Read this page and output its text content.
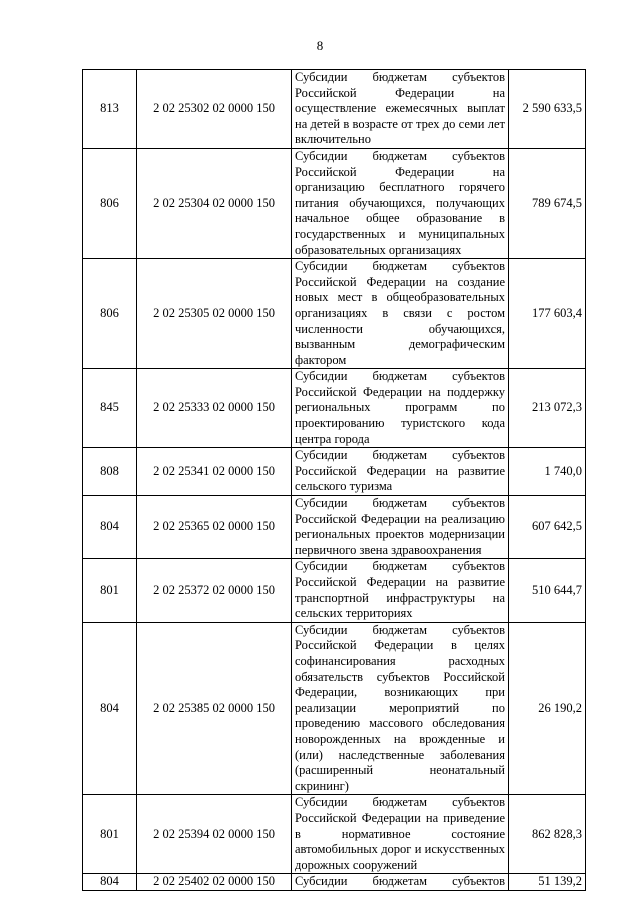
8
813	2 02 25302 02 0000 150	Субсидии бюджетам субъектов Российской Федерации на осуществление ежемесячных выплат на детей в возрасте от трех до семи лет включительно	2 590 633,5
806	2 02 25304 02 0000 150	Субсидии бюджетам субъектов Российской Федерации на организацию бесплатного горячего питания обучающихся, получающих начальное общее образование в государственных и муниципальных образовательных организациях	789 674,5
806	2 02 25305 02 0000 150	Субсидии бюджетам субъектов Российской Федерации на создание новых мест в общеобразовательных организациях в связи с ростом численности обучающихся, вызванным демографическим фактором	177 603,4
845	2 02 25333 02 0000 150	Субсидии бюджетам субъектов Российской Федерации на поддержку региональных программ по проектированию туристского кода центра города	213 072,3
808	2 02 25341 02 0000 150	Субсидии бюджетам субъектов Российской Федерации на развитие сельского туризма	1 740,0
804	2 02 25365 02 0000 150	Субсидии бюджетам субъектов Российской Федерации на реализацию региональных проектов модернизации первичного звена здравоохранения	607 642,5
801	2 02 25372 02 0000 150	Субсидии бюджетам субъектов Российской Федерации на развитие транспортной инфраструктуры на сельских территориях	510 644,7
804	2 02 25385 02 0000 150	Субсидии бюджетам субъектов Российской Федерации в целях софинансирования расходных обязательств субъектов Российской Федерации, возникающих при реализации мероприятий по проведению массового обследования новорожденных на врожденные и (или) наследственные заболевания (расширенный неонатальный скрининг)	26 190,2
801	2 02 25394 02 0000 150	Субсидии бюджетам субъектов Российской Федерации на приведение в нормативное состояние автомобильных дорог и искусственных дорожных сооружений	862 828,3
804	2 02 25402 02 0000 150	Субсидии бюджетам субъектов	51 139,2
